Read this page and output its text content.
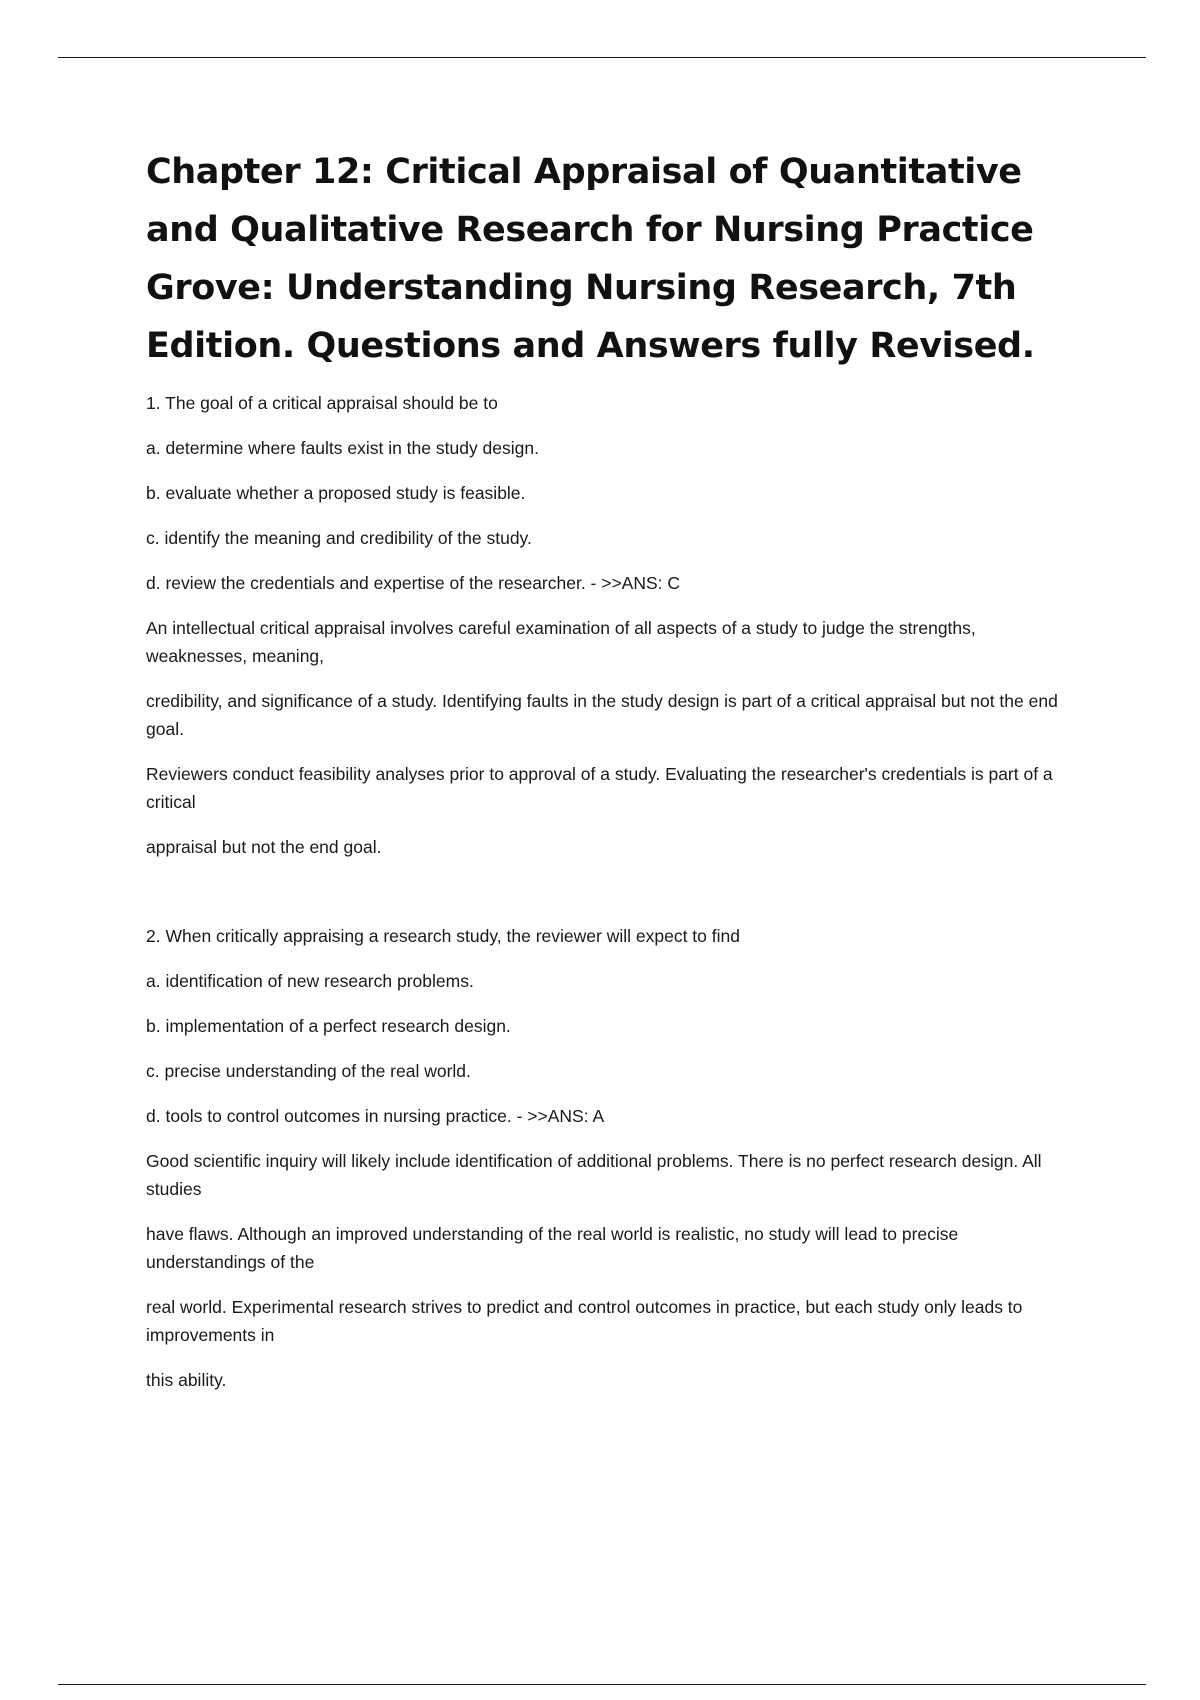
Chapter 12: Critical Appraisal of Quantitative and Qualitative Research for Nursing Practice Grove: Understanding Nursing Research, 7th Edition. Questions and Answers fully Revised.

1. The goal of a critical appraisal should be to

a. determine where faults exist in the study design.

b. evaluate whether a proposed study is feasible.

c. identify the meaning and credibility of the study.

d. review the credentials and expertise of the researcher. - >>ANS: C

An intellectual critical appraisal involves careful examination of all aspects of a study to judge the strengths, weaknesses, meaning,

credibility, and significance of a study. Identifying faults in the study design is part of a critical appraisal but not the end goal.

Reviewers conduct feasibility analyses prior to approval of a study. Evaluating the researcher's credentials is part of a critical

appraisal but not the end goal.

2. When critically appraising a research study, the reviewer will expect to find

a. identification of new research problems.

b. implementation of a perfect research design.

c. precise understanding of the real world.

d. tools to control outcomes in nursing practice. - >>ANS: A

Good scientific inquiry will likely include identification of additional problems. There is no perfect research design. All studies

have flaws. Although an improved understanding of the real world is realistic, no study will lead to precise understandings of the

real world. Experimental research strives to predict and control outcomes in practice, but each study only leads to improvements in

this ability.
